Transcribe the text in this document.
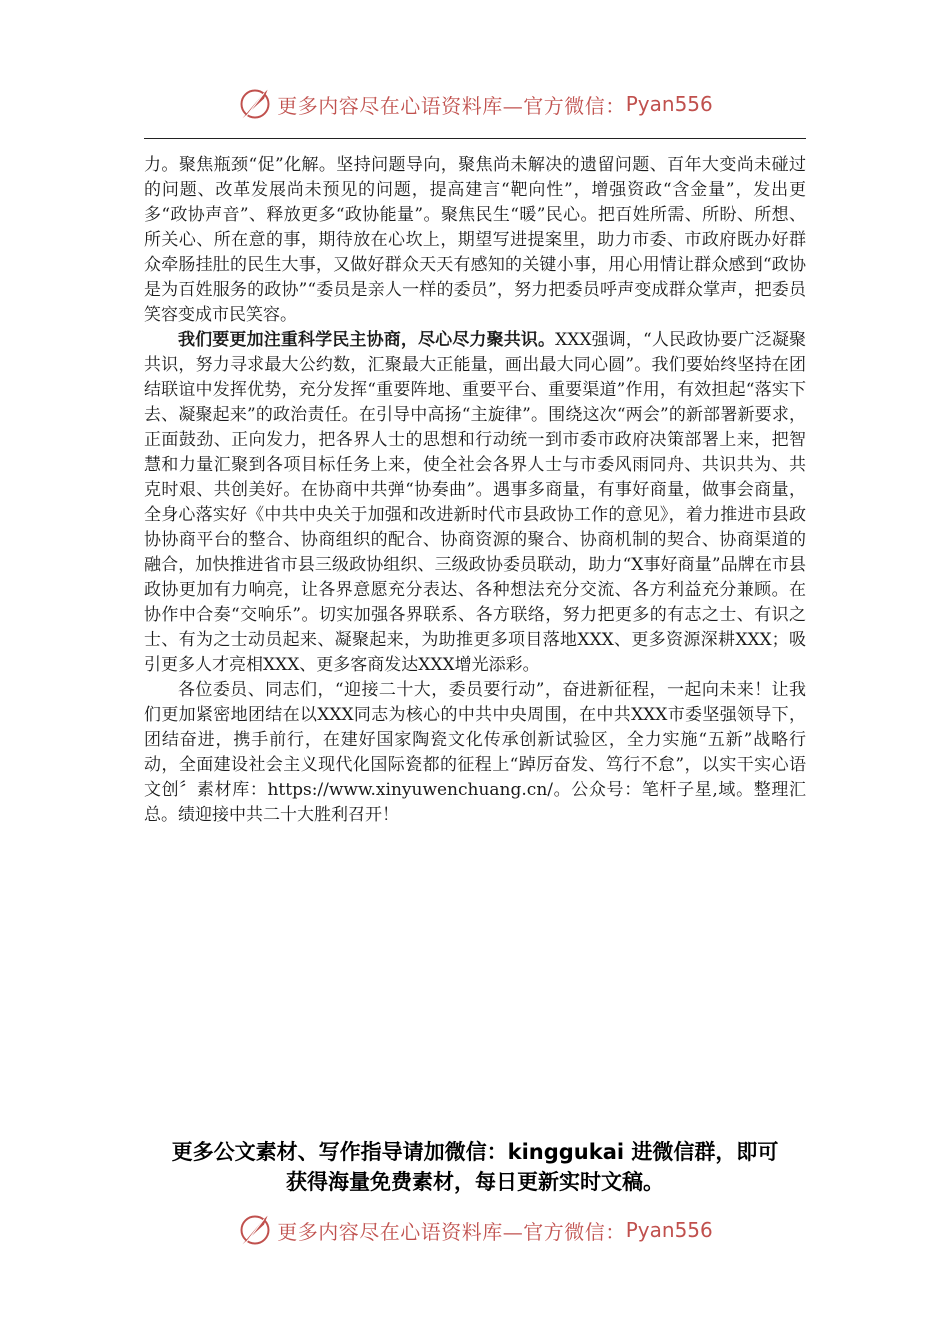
更多内容尽在心语资料库—官方微信： Pyan556

力。聚焦瓶颈“促”化解。坚持问题导向，聚焦尚未解决的遗留问题、百年大变尚未碰过的问题、改革发展尚未预见的问题，提高建言“靶向性”，增强资政“含金量”，发出更多“政协声音”、释放更多“政协能量”。聚焦民生“暖”民心。把百姓所需、所盼、所想、所关心、所在意的事，期待放在心坎上，期望写进提案里，助力市委、市政府既办好群众牵肠挂肚的民生大事，又做好群众天天有感知的关键小事，用心用情让群众感到“政协是为百姓服务的政协”“委员是亲人一样的委员”，努力把委员呼声变成群众掌声，把委员笑容变成市民笑容。

我们要更加注重科学民主协商，尽心尽力聚共识。XXX强调，“人民政协要广泛凝聚共识，努力寻求最大公约数，汇聚最大正能量，画出最大同心圆”。我们要始终坚持在团结联谊中发挥优势，充分发挥“重要阵地、重要平台、重要渠道”作用，有效担起“落实下去、凝聚起来”的政治责任。在引导中高扬“主旋律”。围绕这次“两会”的新部署新要求，正面鼓劲、正向发力，把各界人士的思想和行动统一到市委市政府决策部署上来，把智慧和力量汇聚到各项目标任务上来，使全社会各界人士与市委风雨同舟、共识共为、共克时艰、共创美好。在协商中共弹“协奏曲”。遇事多商量，有事好商量，做事会商量，全身心落实好《中共中央关于加强和改进新时代市县政协工作的意见》，着力推进市县政协协商平台的整合、协商组织的配合、协商资源的聚合、协商机制的契合、协商渠道的融合，加快推进省市县三级政协组织、三级政协委员联动，助力“X事好商量”品牌在市县政协更加有力响亮，让各界意愿充分表达、各种想法充分交流、各方利益充分兼顾。在协作中合奏“交响乐”。切实加强各界联系、各方联络，努力把更多的有志之士、有识之士、有为之士动员起来、凝聚起来，为助推更多项目落地XXX、更多资源深耕XXX；吸引更多人才亮相XXX、更多客商发达XXX增光添彩。

各位委员、同志们，“迎接二十大，委员要行动”，奋进新征程，一起向未来！让我们更加紧密地团结在以XXX同志为核心的中共中央周围，在中共XXX市委坚强领导下，团结奋进，携手前行，在建好国家陶瓷文化传承创新试验区，全力实施“五新”战略行动，全面建设社会主义现代化国际瓷都的征程上“踔厉奋发、笃行不怠”，以实干实心语文创〞素材库：https://www.xinyuwenchuang.cn/。公众号：笔杆子星,域。整理汇总。绩迎接中共二十大胜利召开！

更多公文素材、写作指导请加微信：kinggukai 进微信群，即可
获得海量免费素材，每日更新实时文稿。
更多内容尽在心语资料库—官方微信： Pyan556
